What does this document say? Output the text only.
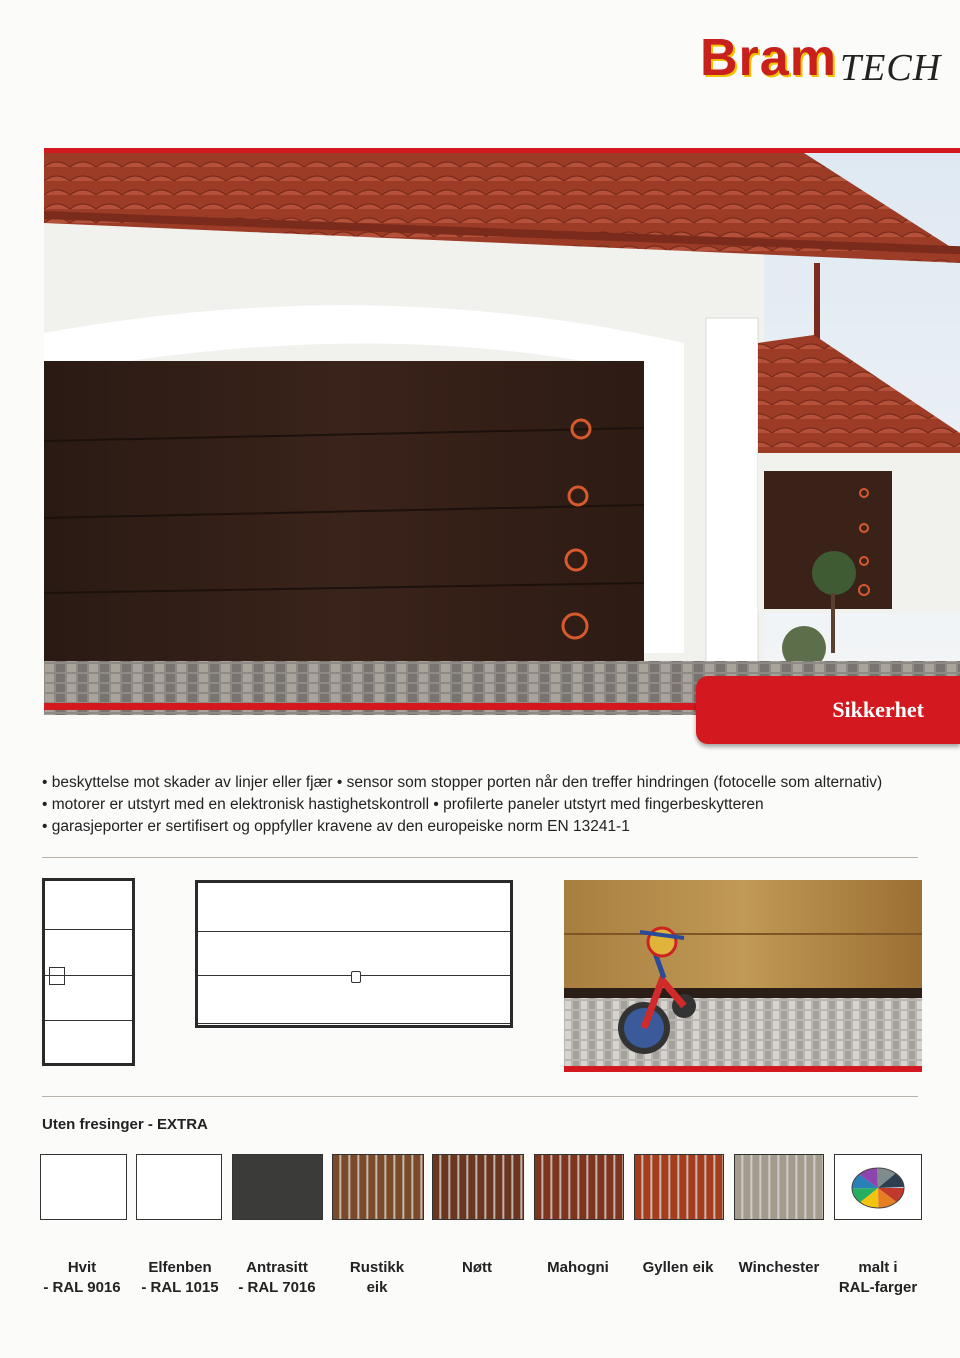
Bram TECH
Sikkerhet
• beskyttelse mot skader av linjer eller fjær • sensor som stopper porten når den treffer hindringen (fotocelle som alternativ)
• motorer er utstyrt med en elektronisk hastighetskontroll • profilerte paneler utstyrt med fingerbeskytteren
• garasjeporter er sertifisert og oppfyller kravene av den europeiske norm EN 13241-1
Uten fresinger - EXTRA
Hvit
- RAL 9016
Elfenben
- RAL 1015
Antrasitt
- RAL 7016
Rustikk
eik
Nøtt	Mahogni	Gyllen eik	Winchester	malt i
RAL-farger
